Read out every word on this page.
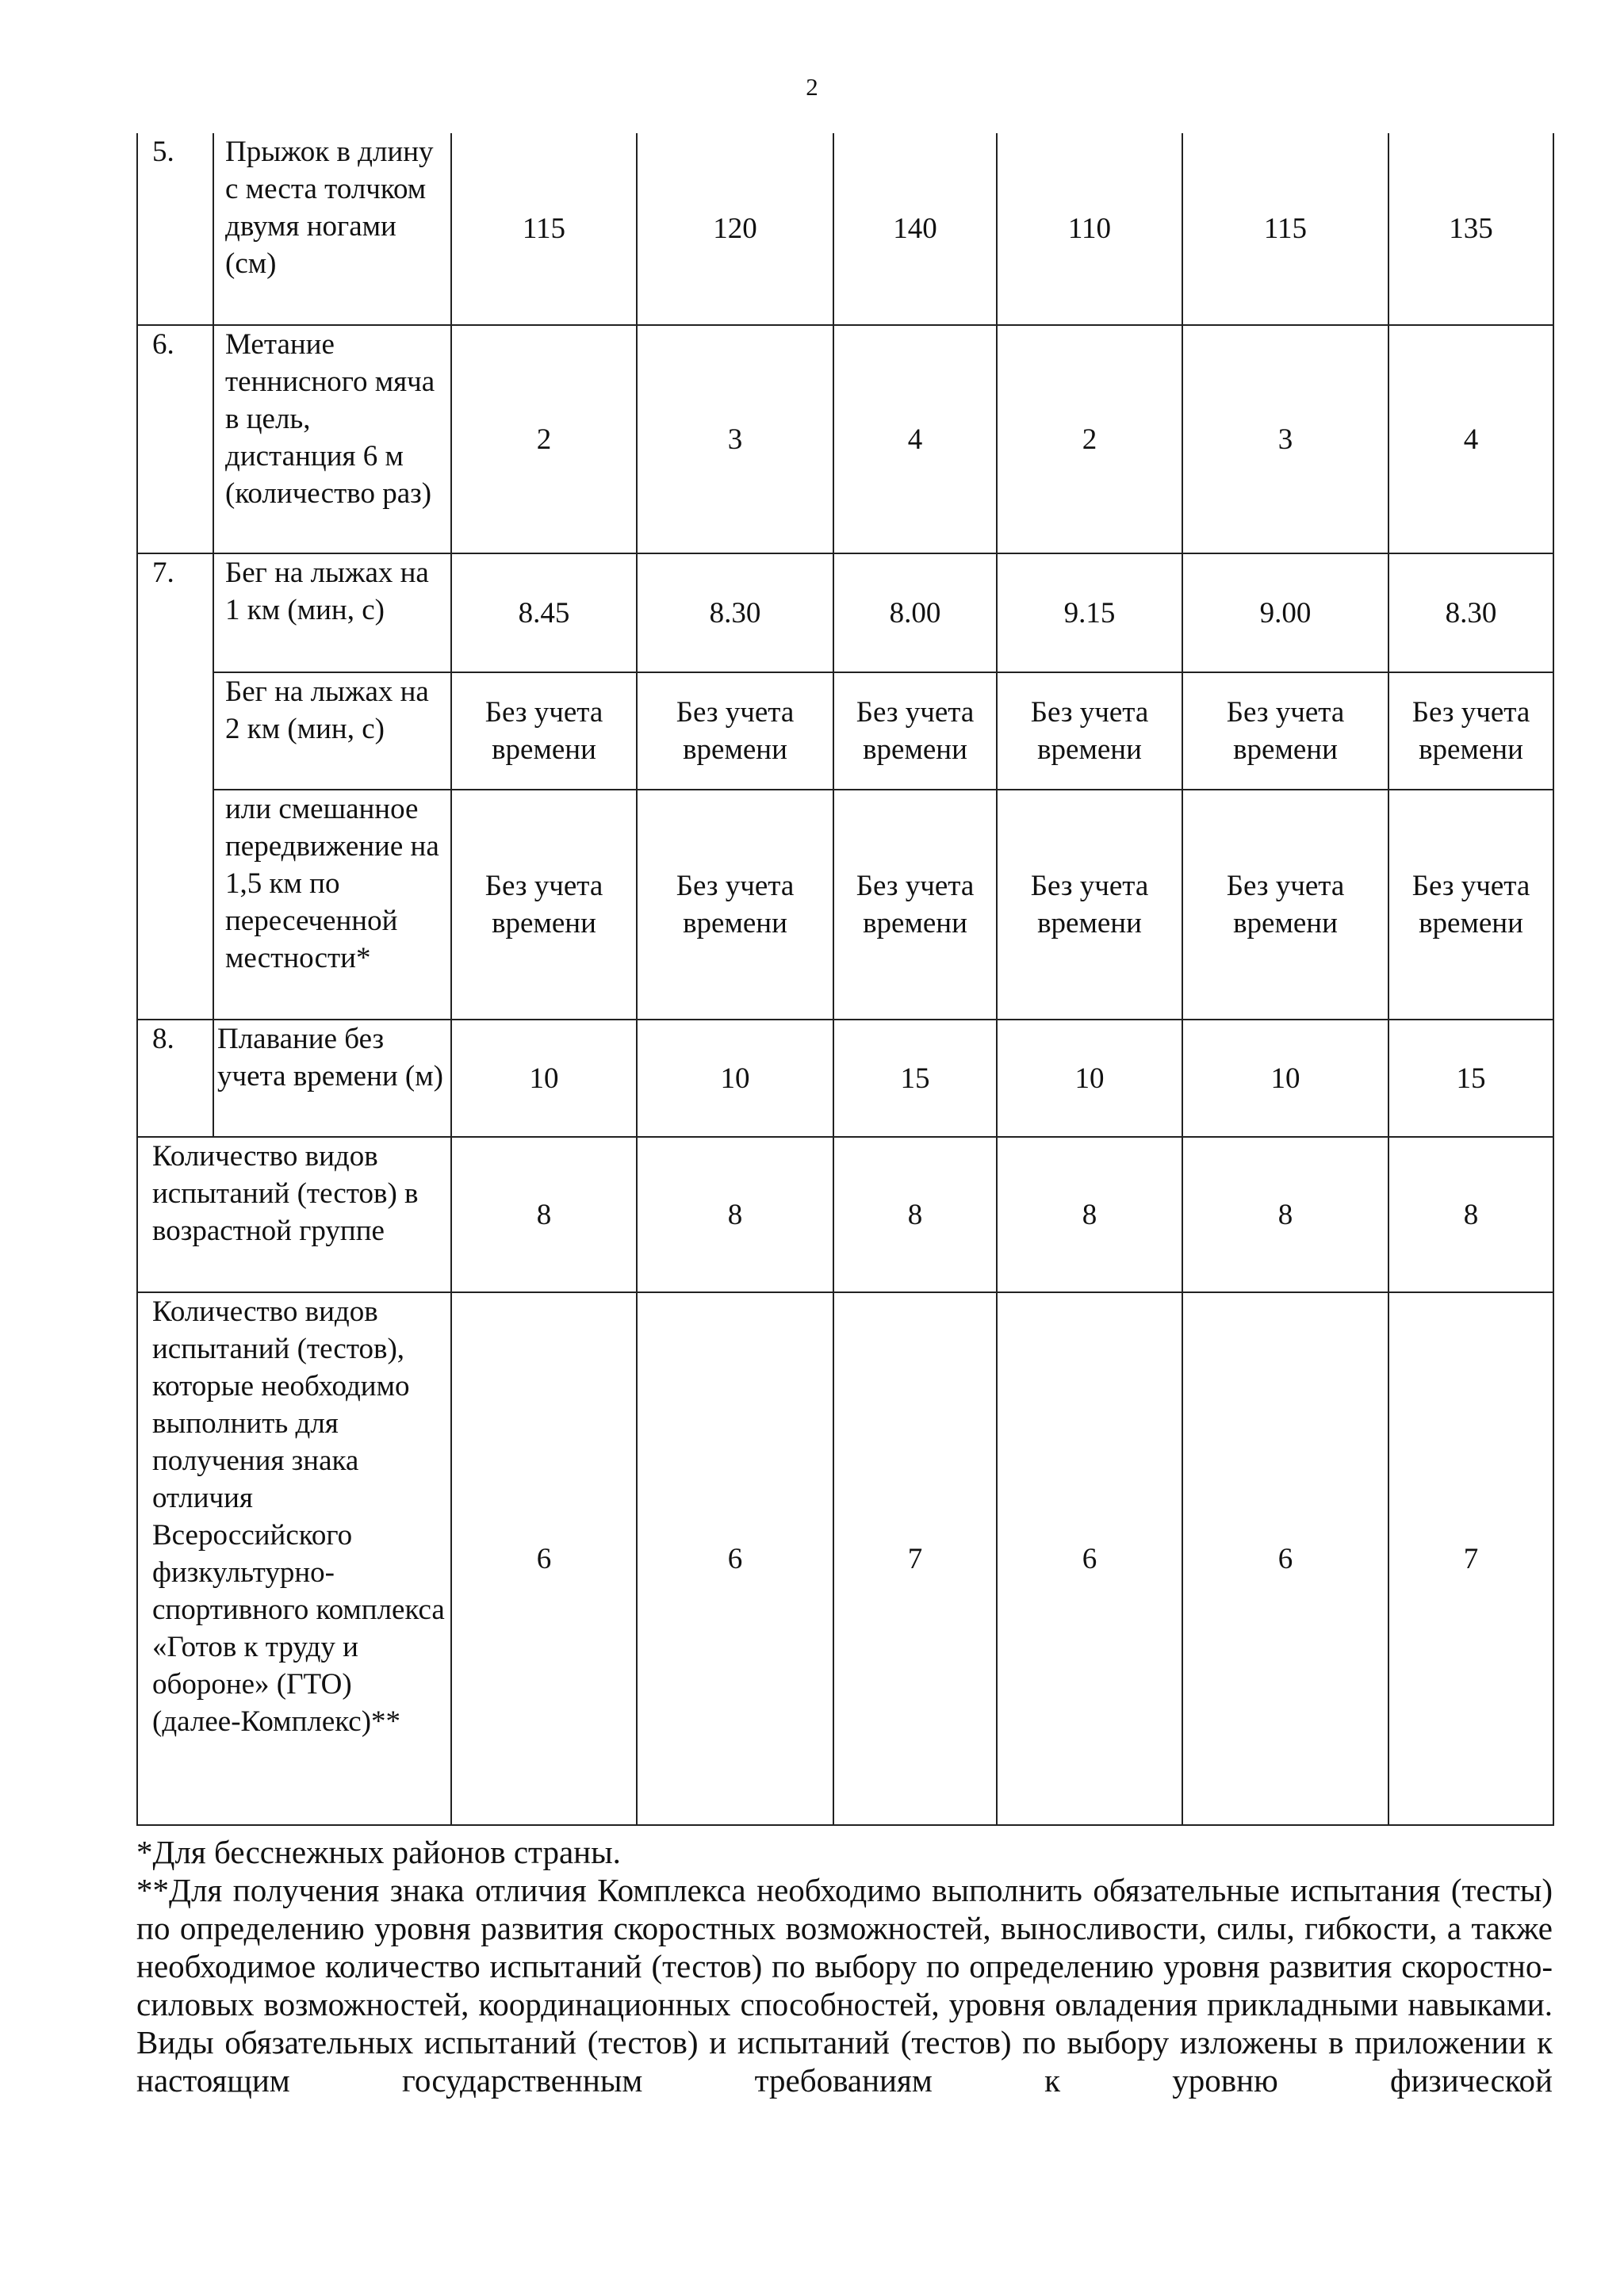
2
5.	Прыжок в длину с места толчком двумя ногами (см)	115	120	140	110	115	135
6.	Метание теннисного мяча в цель, дистанция 6 м (количество раз)	2	3	4	2	3	4
7.	Бег на лыжах на 1 км (мин, с)	8.45	8.30	8.00	9.15	9.00	8.30
	Бег на лыжах на 2 км (мин, с)	Без учета времени	Без учета времени	Без учета времени	Без учета времени	Без учета времени	Без учета времени
	или смешанное передвижение на 1,5 км по пересеченной местности*	Без учета времени	Без учета времени	Без учета времени	Без учета времени	Без учета времени	Без учета времени
8.	Плавание без учета времени (м)	10	10	15	10	10	15
Количество видов испытаний (тестов) в возрастной группе		8	8	8	8	8	8
Количество видов испытаний (тестов), которые необходимо выполнить для получения знака отличия Всероссийского физкультурно-спортивного комплекса «Готов к труду и обороне» (ГТО) (далее-Комплекс)**		6	6	7	6	6	7

*Для бесснежных районов страны.

**Для получения знака отличия Комплекса необходимо выполнить обязательные испытания (тесты) по определению уровня развития скоростных возможностей, выносливости, силы, гибкости, а также необходимое количество испытаний (тестов) по выбору по определению уровня развития скоростно-силовых возможностей, координационных способностей, уровня овладения прикладными навыками. Виды обязательных испытаний (тестов) и испытаний (тестов) по выбору изложены в приложении к настоящим государственным требованиям к уровню физической
